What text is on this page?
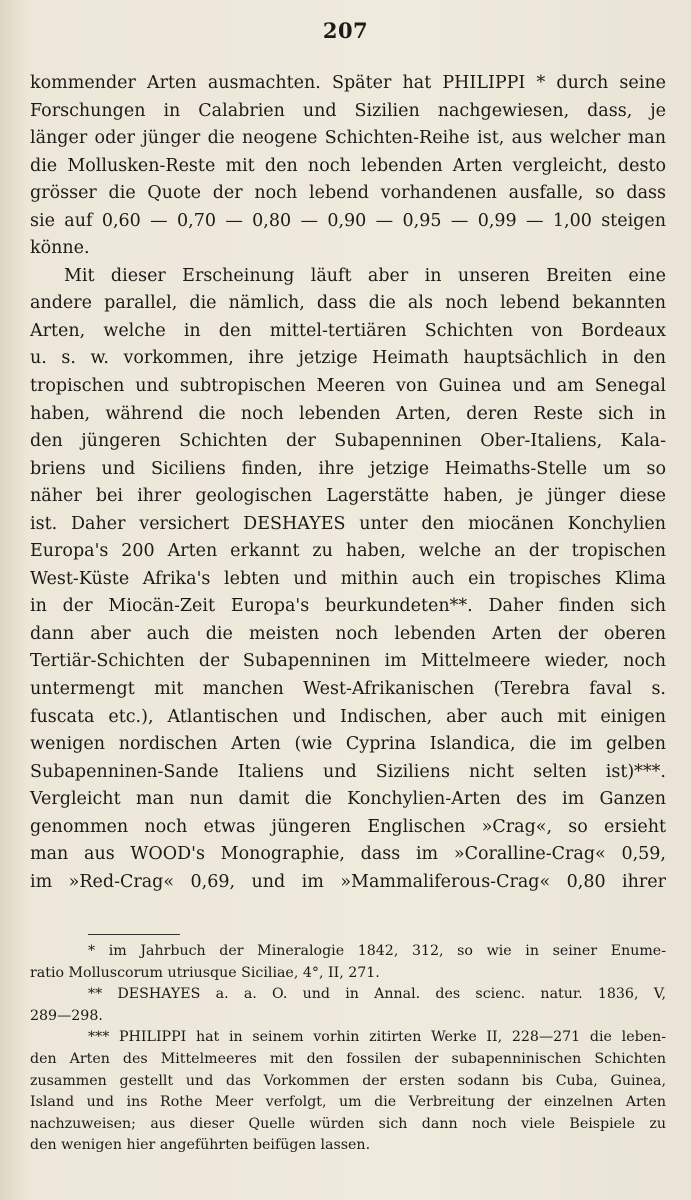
207
kommender Arten ausmachten. Später hat PHILIPPI * durch seine
Forschungen in Calabrien und Sizilien nachgewiesen, dass, je
länger oder jünger die neogene Schichten-Reihe ist, aus welcher man
die Mollusken-Reste mit den noch lebenden Arten vergleicht, desto
grösser die Quote der noch lebend vorhandenen ausfalle, so dass
sie auf 0,60 — 0,70 — 0,80 — 0,90 — 0,95 — 0,99 — 1,00 steigen
könne.
Mit dieser Erscheinung läuft aber in unseren Breiten eine
andere parallel, die nämlich, dass die als noch lebend bekannten
Arten, welche in den mittel-tertiären Schichten von Bordeaux
u. s. w. vorkommen, ihre jetzige Heimath hauptsächlich in den
tropischen und subtropischen Meeren von Guinea und am Senegal
haben, während die noch lebenden Arten, deren Reste sich in
den jüngeren Schichten der Subapenninen Ober-Italiens, Kala-
briens und Siciliens finden, ihre jetzige Heimaths-Stelle um so
näher bei ihrer geologischen Lagerstätte haben, je jünger diese
ist. Daher versichert DESHAYES unter den miocänen Konchylien
Europa's 200 Arten erkannt zu haben, welche an der tropischen
West-Küste Afrika's lebten und mithin auch ein tropisches Klima
in der Miocän-Zeit Europa's beurkundeten**. Daher finden sich
dann aber auch die meisten noch lebenden Arten der oberen
Tertiär-Schichten der Subapenninen im Mittelmeere wieder, noch
untermengt mit manchen West-Afrikanischen (Terebra faval s.
fuscata etc.), Atlantischen und Indischen, aber auch mit einigen
wenigen nordischen Arten (wie Cyprina Islandica, die im gelben
Subapenninen-Sande Italiens und Siziliens nicht selten ist)***.
Vergleicht man nun damit die Konchylien-Arten des im Ganzen
genommen noch etwas jüngeren Englischen »Crag«, so ersieht
man aus WOOD's Monographie, dass im »Coralline-Crag« 0,59,
im »Red-Crag« 0,69, und im »Mammaliferous-Crag« 0,80 ihrer
* im Jahrbuch der Mineralogie 1842, 312, so wie in seiner Enume-
ratio Molluscorum utriusque Siciliae, 4°, II, 271.
** DESHAYES a. a. O. und in Annal. des scienc. natur. 1836, V,
289—298.
*** PHILIPPI hat in seinem vorhin zitirten Werke II, 228—271 die leben-
den Arten des Mittelmeeres mit den fossilen der subapenninischen Schichten
zusammen gestellt und das Vorkommen der ersten sodann bis Cuba, Guinea,
Island und ins Rothe Meer verfolgt, um die Verbreitung der einzelnen Arten
nachzuweisen; aus dieser Quelle würden sich dann noch viele Beispiele zu
den wenigen hier angeführten beifügen lassen.
